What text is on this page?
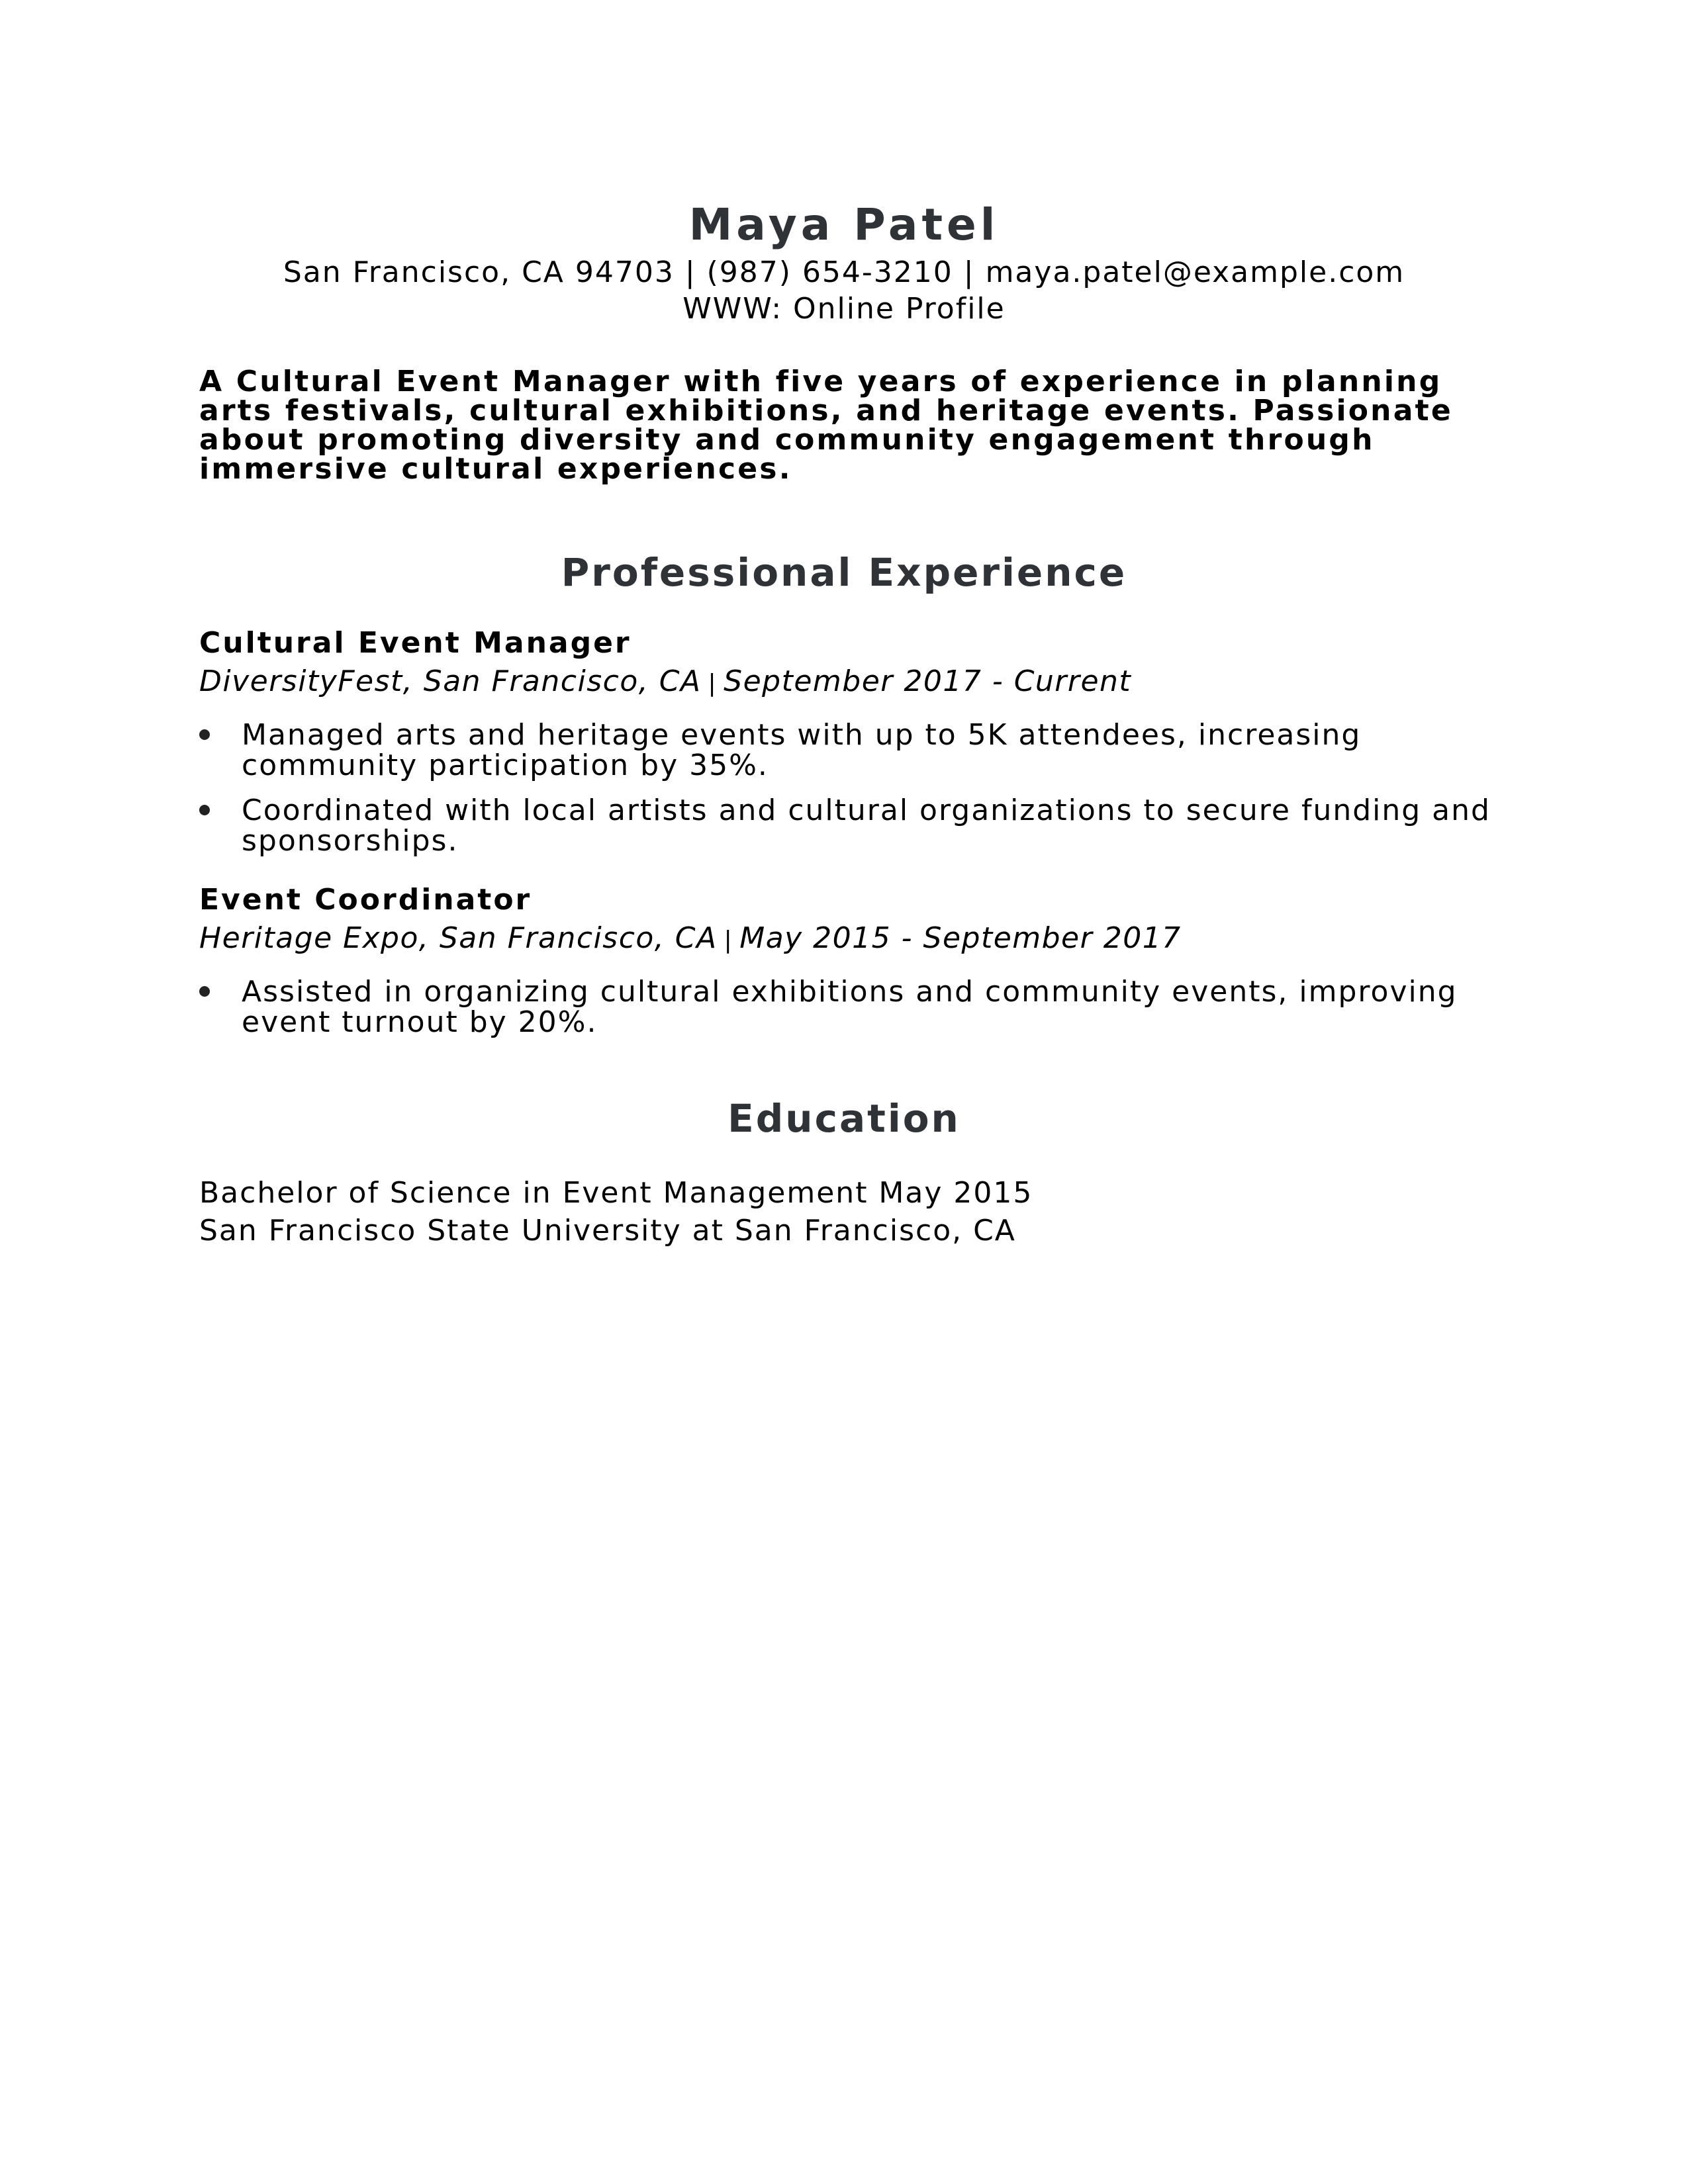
Maya Patel
San Francisco, CA 94703 | (987) 654-3210 | maya.patel@example.com
WWW: Online Profile

A Cultural Event Manager with five years of experience in planning arts festivals, cultural exhibitions, and heritage events. Passionate about promoting diversity and community engagement through immersive cultural experiences.

Professional Experience
Cultural Event Manager
DiversityFest, San Francisco, CA | September 2017 - Current
Managed arts and heritage events with up to 5K attendees, increasing community participation by 35%.
Coordinated with local artists and cultural organizations to secure funding and sponsorships.
Event Coordinator
Heritage Expo, San Francisco, CA | May 2015 - September 2017
Assisted in organizing cultural exhibitions and community events, improving event turnout by 20%.
Education
Bachelor of Science in Event Management May 2015
San Francisco State University at San Francisco, CA
